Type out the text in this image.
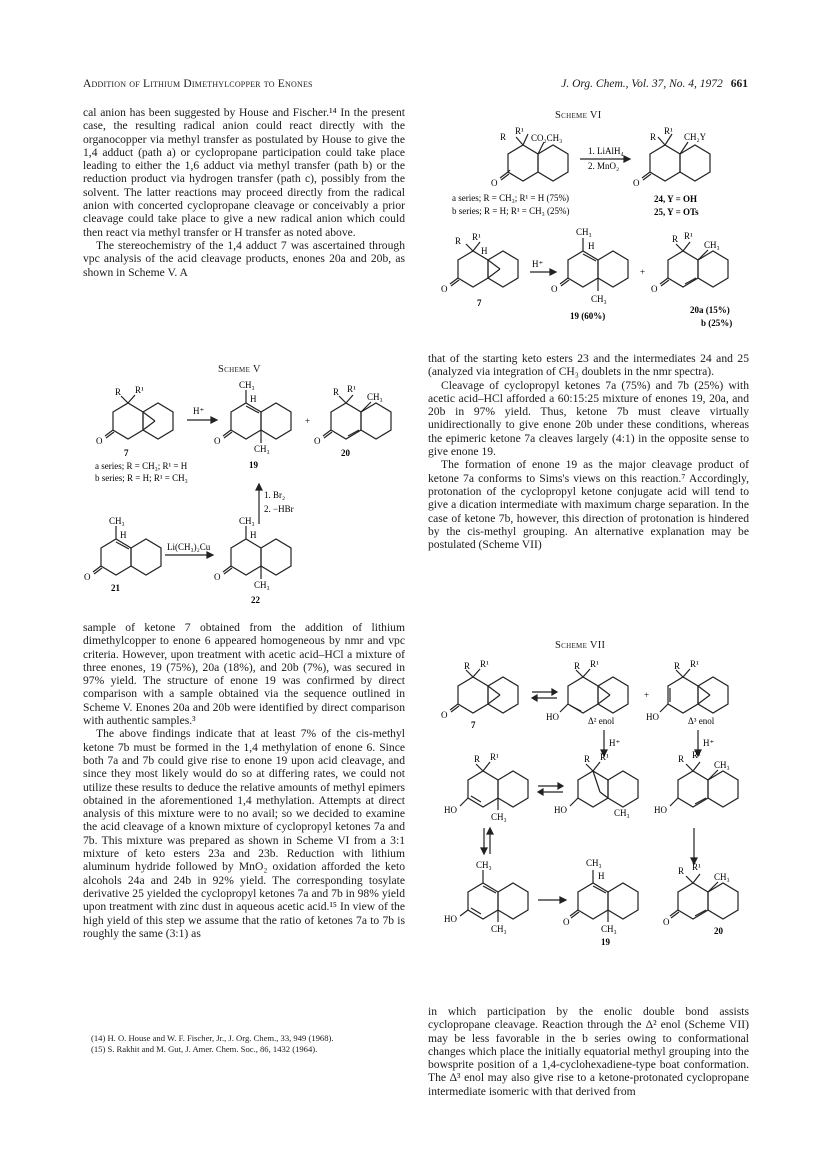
Addition of Lithium Dimethylcopper to Enones	J. Org. Chem., Vol. 37, No. 4, 1972 661

cal anion has been suggested by House and Fischer.¹⁴ In the present case, the resulting radical anion could react directly with the organocopper via methyl transfer as postulated by House to give the 1,4 adduct (path a) or cyclopropane participation could take place leading to either the 1,6 adduct via methyl transfer (path b) or the reduction product via hydrogen transfer (path c), possibly from the solvent. The latter reactions may proceed directly from the radical anion with concerted cyclopropane cleavage or conceivably a prior cleavage could take place to give a new radical anion which could then react via methyl transfer or H transfer as noted above.

The stereochemistry of the 1,4 adduct 7 was ascertained through vpc analysis of the acid cleavage products, enones 20a and 20b, as shown in Scheme V. A

Scheme V
R R¹
O
7
a series; R = CH₃; R¹ = H
b series; R = H; R¹ = CH₃
H⁺
CH₃
H
O
CH₃
19
+
R R¹
CH₃
O
20
1. Br₂
2. −HBr
CH₃
H
O
21
Li(CH₃)₂Cu
CH₃
H
O
CH₃
22

sample of ketone 7 obtained from the addition of lithium dimethylcopper to enone 6 appeared homogeneous by nmr and vpc criteria. However, upon treatment with acetic acid–HCl a mixture of three enones, 19 (75%), 20a (18%), and 20b (7%), was secured in 97% yield. The structure of enone 19 was confirmed by direct comparison with a sample obtained via the sequence outlined in Scheme V. Enones 20a and 20b were identified by direct comparison with authentic samples.³

The above findings indicate that at least 7% of the cis-methyl ketone 7b must be formed in the 1,4 methylation of enone 6. Since both 7a and 7b could give rise to enone 19 upon acid cleavage, and since they most likely would do so at differing rates, we could not utilize these results to deduce the relative amounts of methyl epimers obtained in the aforementioned 1,4 methylation. Attempts at direct analysis of this mixture were to no avail; so we decided to examine the acid cleavage of a known mixture of cyclopropyl ketones 7a and 7b. This mixture was prepared as shown in Scheme VI from a 3:1 mixture of keto esters 23a and 23b. Reduction with lithium aluminum hydride followed by MnO₂ oxidation afforded the keto alcohols 24a and 24b in 92% yield. The corresponding tosylate derivative 25 yielded the cyclopropyl ketones 7a and 7b in 98% yield upon treatment with zinc dust in aqueous acetic acid.¹⁵ In view of the high yield of this step we assume that the ratio of ketones 7a to 7b is roughly the same (3:1) as

(14) H. O. House and W. F. Fischer, Jr., J. Org. Chem., 33, 949 (1968).

(15) S. Rakhit and M. Gut, J. Amer. Chem. Soc., 86, 1432 (1964).

Scheme VI
R
R¹
CO₂CH₃
O
1. LiAlH₄
2. MnO₂
a series; R = CH₃; R¹ = H (75%)
b series; R = H; R¹ = CH₃ (25%)
R
R¹
CH₂Y
O
24, Y = OH
25, Y = OTs
R R¹
H
O
7
H⁺
CH₃
H
O
CH₃
19 (60%)
+
R R¹
CH₃
O
20a (15%)
b (25%)

that of the starting keto esters 23 and the intermediates 24 and 25 (analyzed via integration of CH₃ doublets in the nmr spectra).

Cleavage of cyclopropyl ketones 7a (75%) and 7b (25%) with acetic acid–HCl afforded a 60:15:25 mixture of enones 19, 20a, and 20b in 97% yield. Thus, ketone 7b must cleave virtually unidirectionally to give enone 20b under these conditions, whereas the epimeric ketone 7a cleaves largely (4:1) in the opposite sense to give enone 19.

The formation of enone 19 as the major cleavage product of ketone 7a conforms to Sims's views on this reaction.⁷ Accordingly, protonation of the cyclopropyl ketone conjugate acid will tend to give a dication intermediate with maximum charge separation. In the case of ketone 7b, however, this direction of protonation is hindered by the cis-methyl grouping. An alternative explanation may be postulated (Scheme VII)

Scheme VII
R R¹
O
7
R R¹
HO	Δ² enol
+
R R¹
HO	Δ³ enol
H⁺	H⁺
R R¹
HO
CH₃
R R¹
HO	CH₃
R R¹
CH₃
HO
CH₃
HO
CH₃
CH₃
H
O
CH₃
19
R R¹
CH₃
O
20

in which participation by the enolic double bond assists cyclopropane cleavage. Reaction through the Δ² enol (Scheme VII) may be less favorable in the b series owing to conformational changes which place the initially equatorial methyl grouping into the bowsprite position of a 1,4-cyclohexadiene-type boat conformation. The Δ³ enol may also give rise to a ketone-protonated cyclopropane intermediate isomeric with that derived from
